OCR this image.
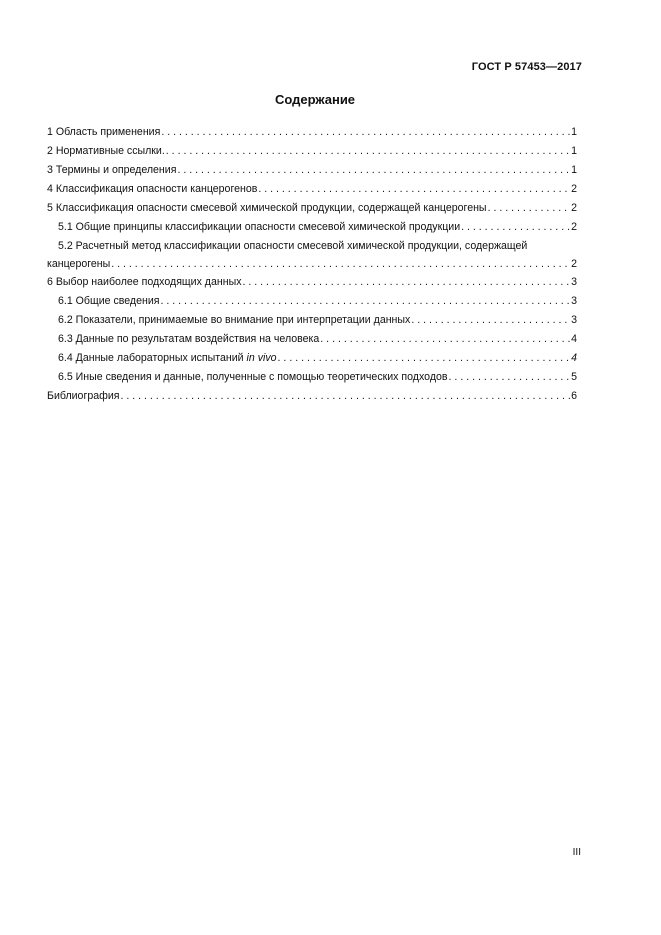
ГОСТ Р 57453—2017
Содержание
1 Область применения . . .	1
2 Нормативные ссылки. . . .	1
3 Термины и определения . . .	1
4 Классификация опасности канцерогенов . . .	2
5 Классификация опасности смесевой химической продукции, содержащей канцерогены . . .	2
5.1 Общие принципы классификации опасности смесевой химической продукции . . .	2
5.2 Расчетный метод классификации опасности смесевой химической продукции, содержащей
канцерогены . . .	2
6 Выбор наиболее подходящих данных . . .	3
6.1 Общие сведения . . .	3
6.2 Показатели, принимаемые во внимание при интерпретации данных . . .	3
6.3 Данные по результатам воздействия на человека . . .	4
6.4 Данные лабораторных испытаний in vivo . . .	4
6.5 Иные сведения и данные, полученные с помощью теоретических подходов . . .	5
Библиография . . .	6
III
